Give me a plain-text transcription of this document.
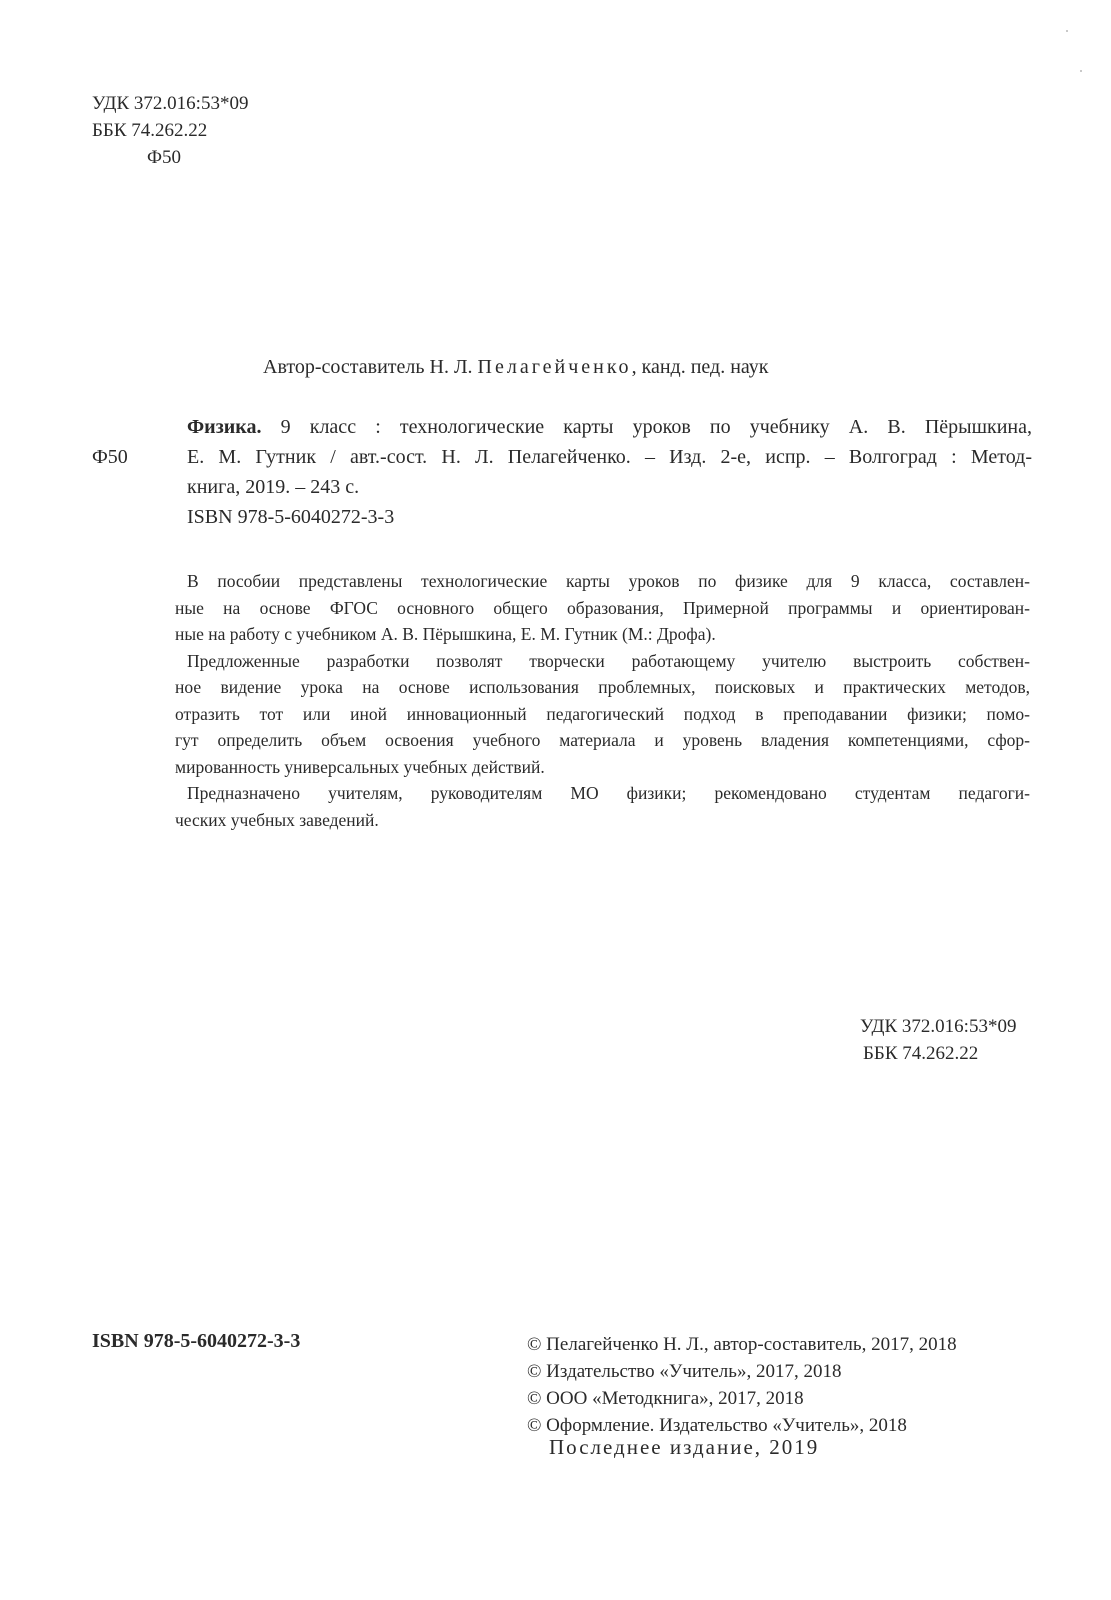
УДК 372.016:53*09
ББК 74.262.22
Ф50
Автор-составитель Н. Л. Пелагейченко, канд. пед. наук
Физика. 9 класс : технологические карты уроков по учебнику А. В. Пёрышкина,
Ф50	Е. М. Гутник / авт.-сост. Н. Л. Пелагейченко. – Изд. 2-е, испр. – Волгоград : Метод-
книга, 2019. – 243 с.
ISBN 978-5-6040272-3-3

В пособии представлены технологические карты уроков по физике для 9 класса, составлен-
ные на основе ФГОС основного общего образования, Примерной программы и ориентирован-
ные на работу с учебником А. В. Пёрышкина, Е. М. Гутник (М.: Дрофа).

Предложенные разработки позволят творчески работающему учителю выстроить собствен-
ное видение урока на основе использования проблемных, поисковых и практических методов,
отразить тот или иной инновационный педагогический подход в преподавании физики; помо-
гут определить объем освоения учебного материала и уровень владения компетенциями, сфор-
мированность универсальных учебных действий.

Предназначено учителям, руководителям МО физики; рекомендовано студентам педагоги-
ческих учебных заведений.

УДК 372.016:53*09
ББК 74.262.22
ISBN 978-5-6040272-3-3	© Пелагейченко Н. Л., автор-составитель, 2017, 2018
© Издательство «Учитель», 2017, 2018
© ООО «Методкнига», 2017, 2018
© Оформление. Издательство «Учитель», 2018
Последнее издание, 2019
